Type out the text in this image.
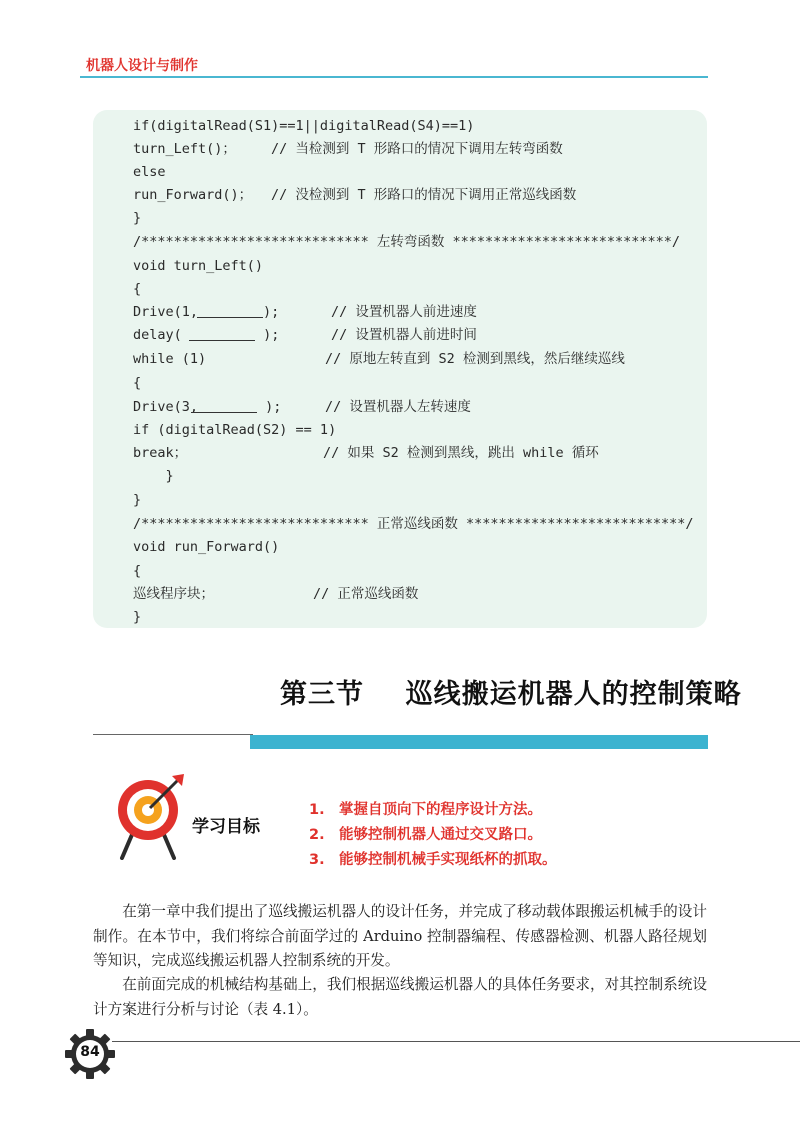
机器人设计与制作
if(digitalRead(S1)==1||digitalRead(S4)==1)
turn_Left()；	// 当检测到 T 形路口的情况下调用左转弯函数
else
run_Forward()； // 没检测到 T 形路口的情况下调用正常巡线函数
}
/**************************** 左转弯函数 ***************************/
void turn_Left()
{
Drive(1,	);	// 设置机器人前进速度
delay(	);	// 设置机器人前进时间
while (1)	// 原地左转直到 S2 检测到黑线，然后继续巡线
{
Drive(3,	);	// 设置机器人左转速度
if (digitalRead(S2) == 1)
break；	// 如果 S2 检测到黑线，跳出 while 循环
}
}
/**************************** 正常巡线函数 ***************************/
void run_Forward()
{
巡线程序块；	// 正常巡线函数
}
第三节    巡线搬运机器人的控制策略
学习目标
1. 掌握自顶向下的程序设计方法。
2. 能够控制机器人通过交叉路口。
3. 能够控制机械手实现纸杯的抓取。

在第一章中我们提出了巡线搬运机器人的设计任务，并完成了移动载体跟搬运机械手的设计制作。在本节中，我们将综合前面学过的 Arduino 控制器编程、传感器检测、机器人路径规划等知识，完成巡线搬运机器人控制系统的开发。

在前面完成的机械结构基础上，我们根据巡线搬运机器人的具体任务要求，对其控制系统设计方案进行分析与讨论（表 4.1）。

84
